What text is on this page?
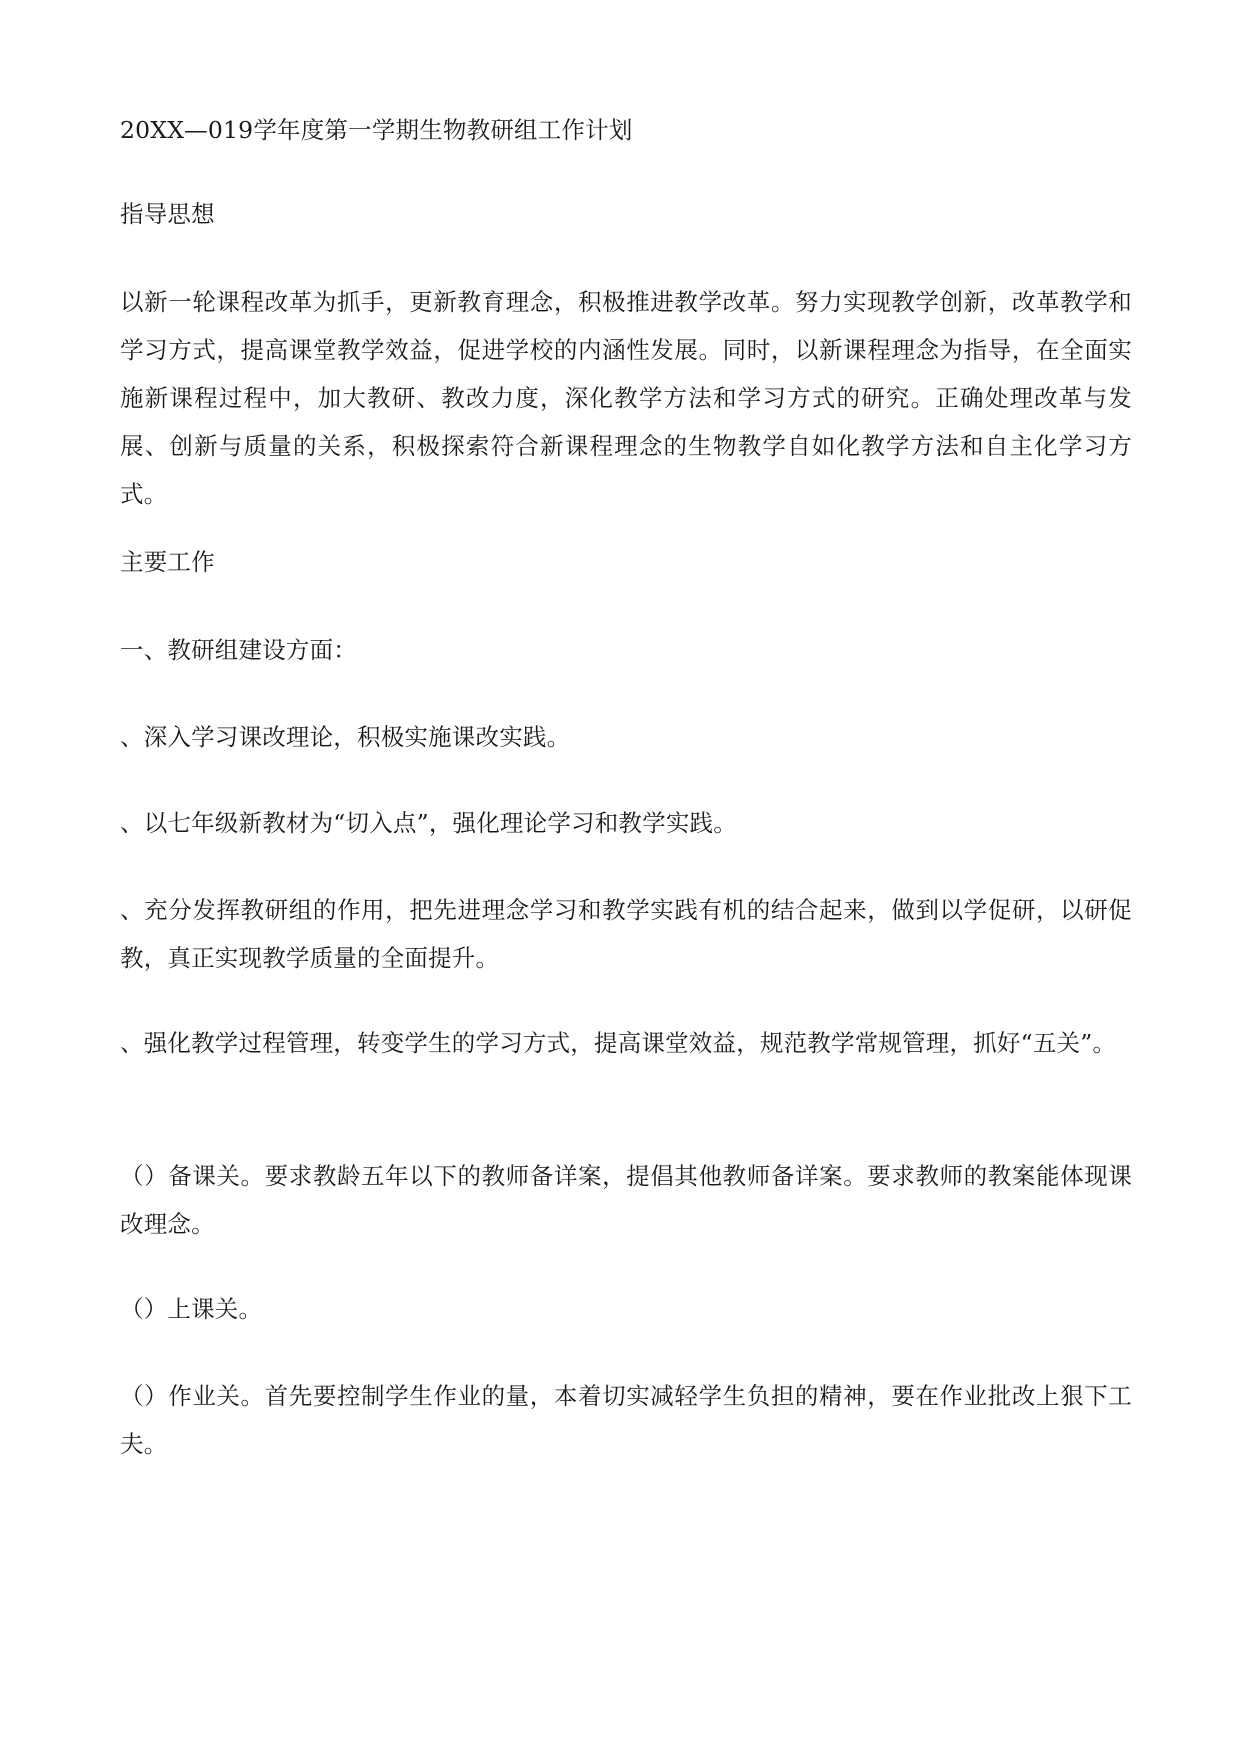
20XX—019学年度第一学期生物教研组工作计划

指导思想

以新一轮课程改革为抓手，更新教育理念，积极推进教学改革。努力实现教学创新，改革教学和学习方式，提高课堂教学效益，促进学校的内涵性发展。同时，以新课程理念为指导，在全面实施新课程过程中，加大教研、教改力度，深化教学方法和学习方式的研究。正确处理改革与发展、创新与质量的关系，积极探索符合新课程理念的生物教学自如化教学方法和自主化学习方式。

主要工作

一、教研组建设方面：

、深入学习课改理论，积极实施课改实践。

、以七年级新教材为“切入点”，强化理论学习和教学实践。

、充分发挥教研组的作用，把先进理念学习和教学实践有机的结合起来，做到以学促研，以研促教，真正实现教学质量的全面提升。

、强化教学过程管理，转变学生的学习方式，提高课堂效益，规范教学常规管理，抓好“五关”。

（）备课关。要求教龄五年以下的教师备详案，提倡其他教师备详案。要求教师的教案能体现课改理念。

（）上课关。

（）作业关。首先要控制学生作业的量，本着切实减轻学生负担的精神，要在作业批改上狠下工夫。
